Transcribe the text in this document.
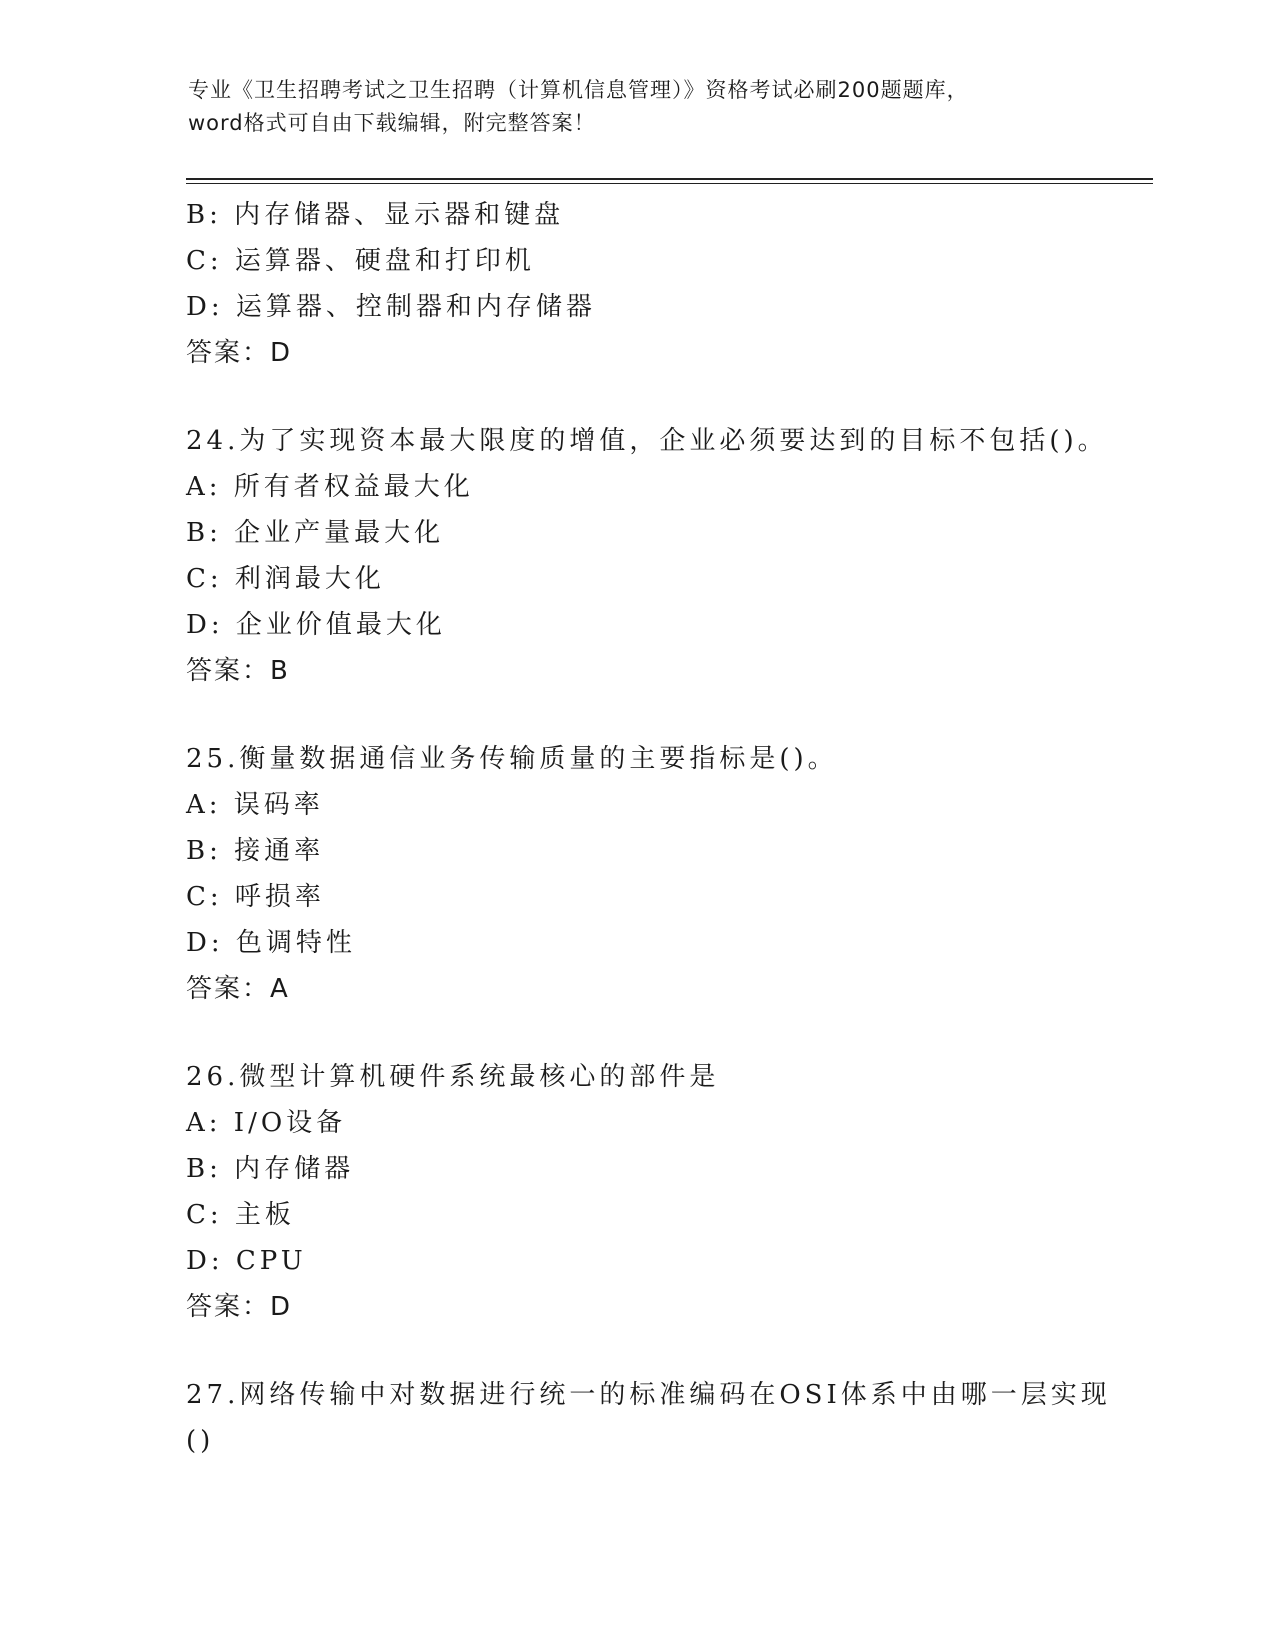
专业《卫生招聘考试之卫生招聘（计算机信息管理）》资格考试必刷200题题库，
word格式可自由下载编辑，附完整答案！
B: 内存储器、显示器和键盘
C: 运算器、硬盘和打印机
D: 运算器、控制器和内存储器
答案：D
24.为了实现资本最大限度的增值，企业必须要达到的目标不包括()。
A: 所有者权益最大化
B: 企业产量最大化
C: 利润最大化
D: 企业价值最大化
答案：B
25.衡量数据通信业务传输质量的主要指标是()。
A: 误码率
B: 接通率
C: 呼损率
D: 色调特性
答案：A
26.微型计算机硬件系统最核心的部件是
A: I/O设备
B: 内存储器
C: 主板
D: CPU
答案：D
27.网络传输中对数据进行统一的标准编码在OSI体系中由哪一层实现
()
